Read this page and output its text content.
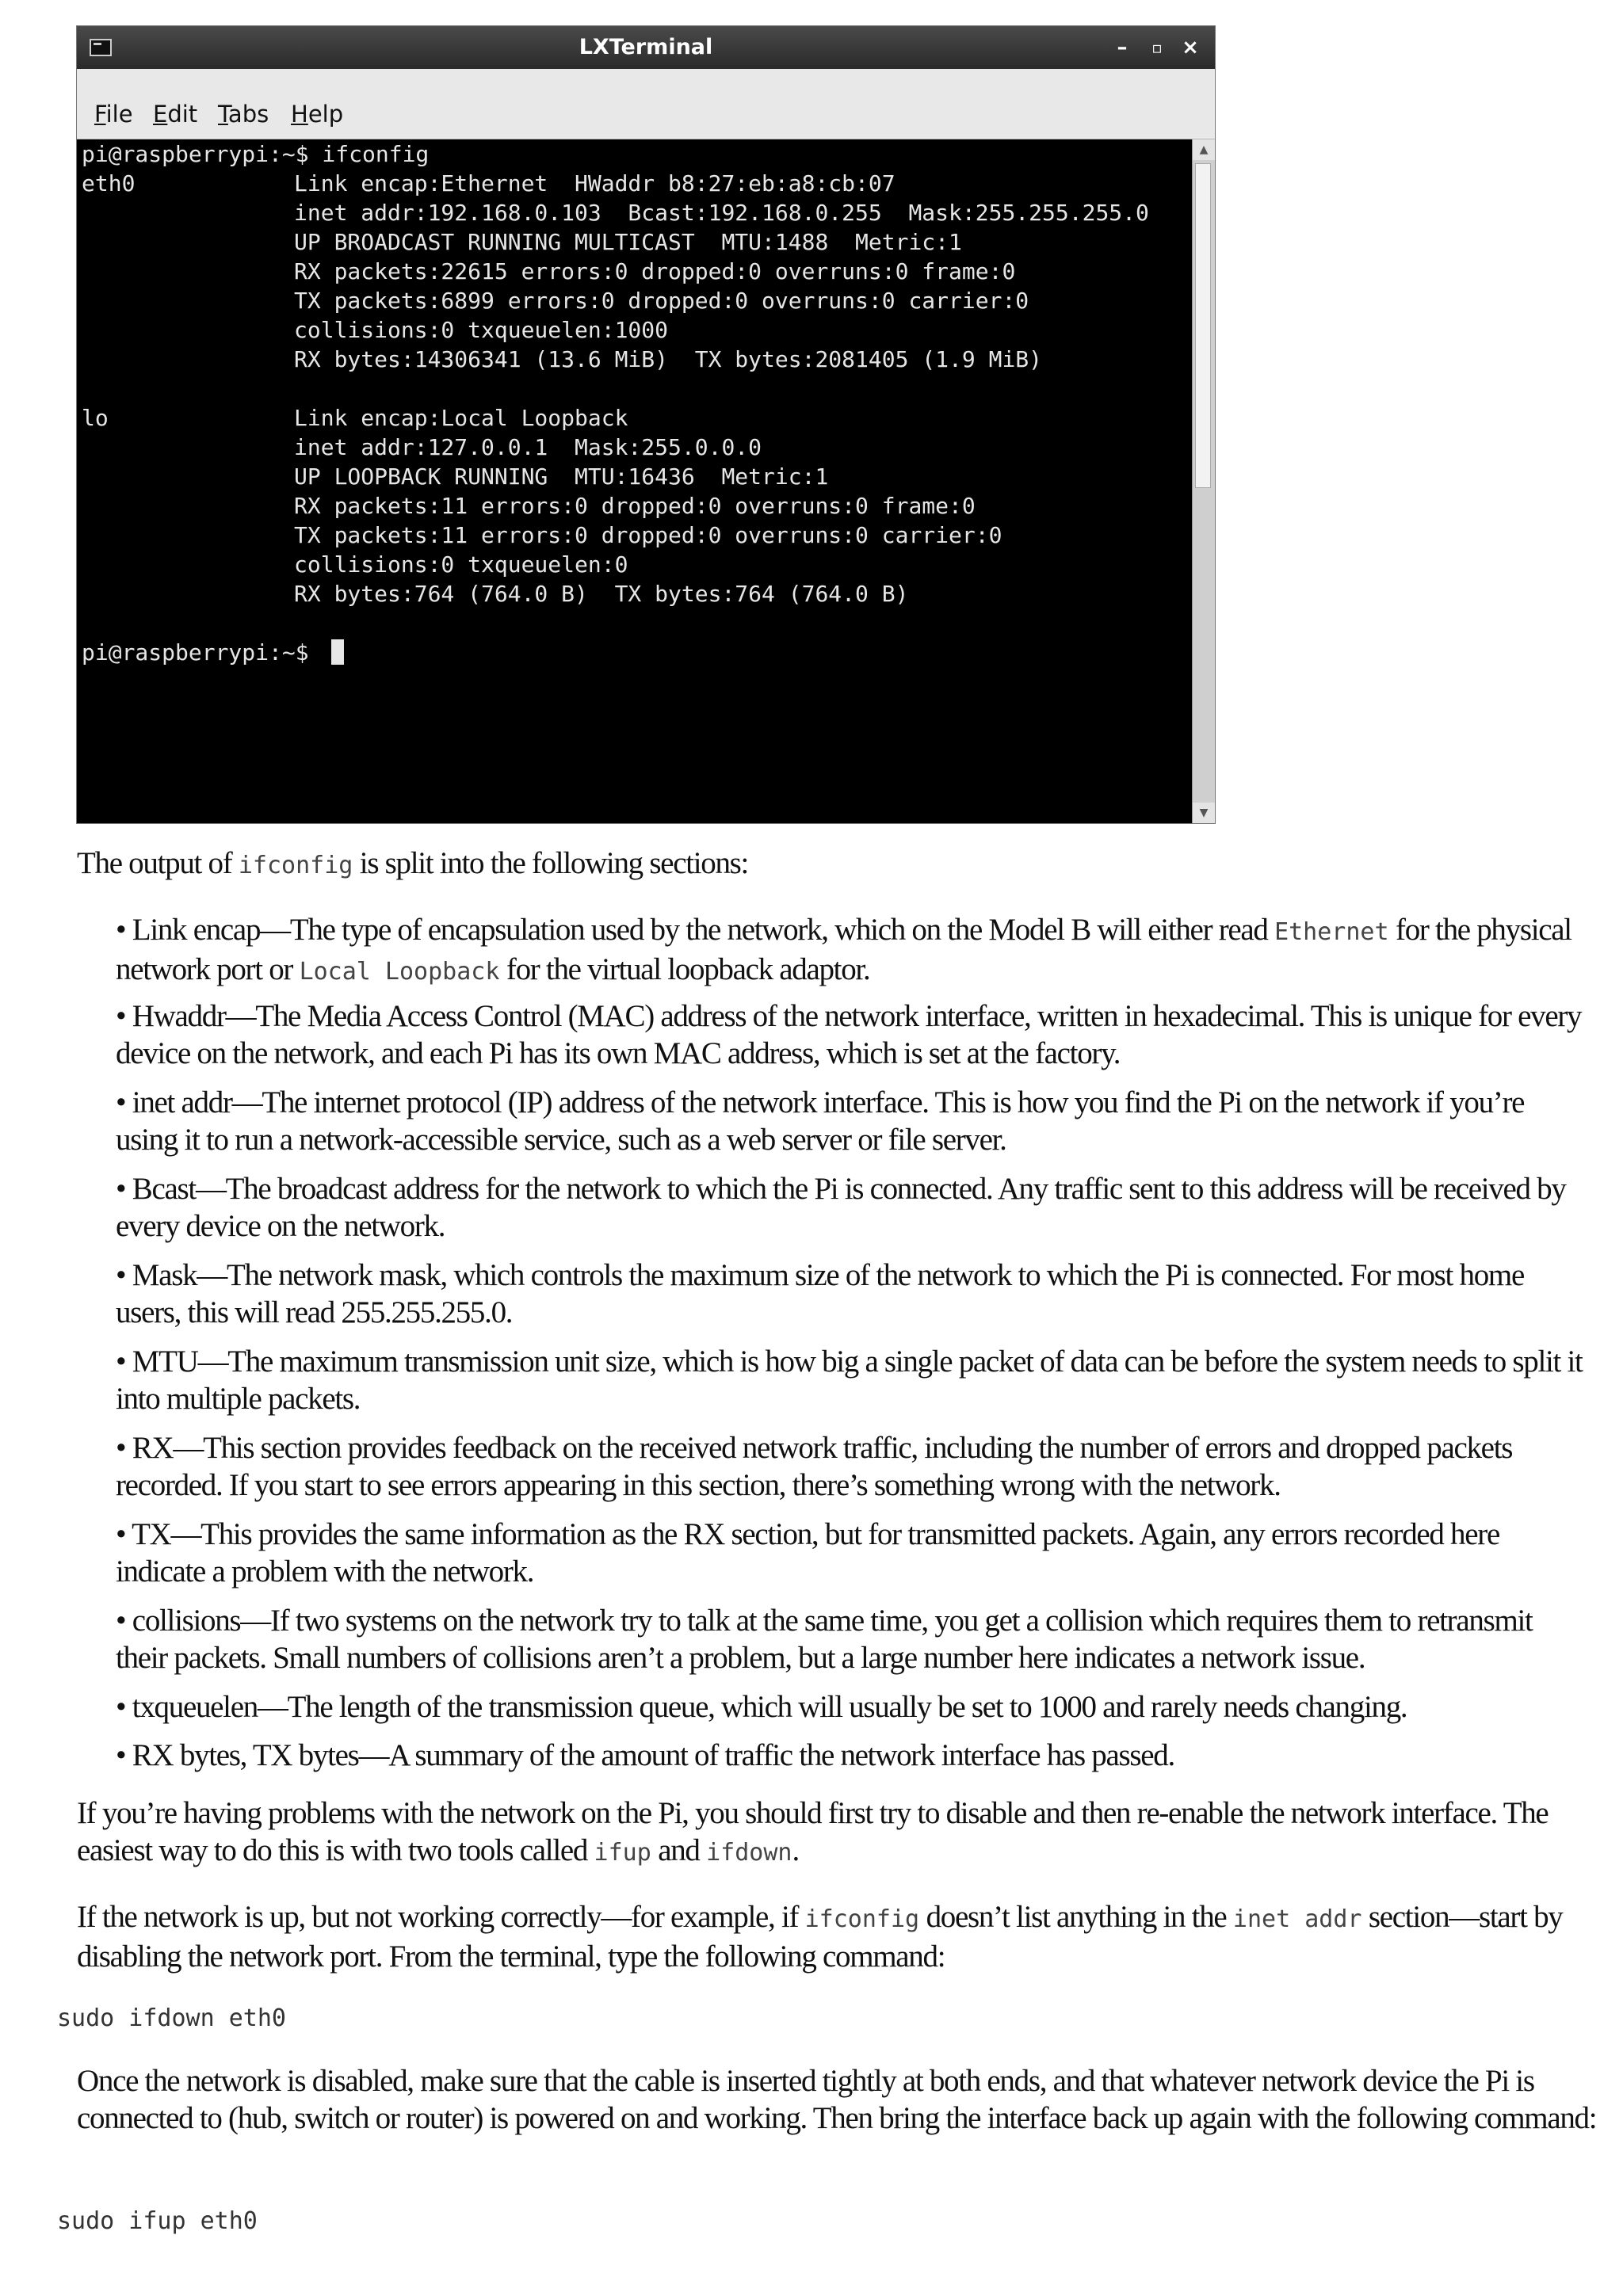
LXTerminal	–	▫ ×
File Edit Tabs Help
pi@raspberrypi:~$ ifconfig
eth0	Link encap:Ethernet  HWaddr b8:27:eb:a8:cb:07
inet addr:192.168.0.103  Bcast:192.168.0.255  Mask:255.255.255.0
UP BROADCAST RUNNING MULTICAST  MTU:1488  Metric:1
RX packets:22615 errors:0 dropped:0 overruns:0 frame:0
TX packets:6899 errors:0 dropped:0 overruns:0 carrier:0
collisions:0 txqueuelen:1000
RX bytes:14306341 (13.6 MiB)  TX bytes:2081405 (1.9 MiB)
lo	Link encap:Local Loopback
inet addr:127.0.0.1  Mask:255.0.0.0
UP LOOPBACK RUNNING  MTU:16436  Metric:1
RX packets:11 errors:0 dropped:0 overruns:0 frame:0
TX packets:11 errors:0 dropped:0 overruns:0 carrier:0
collisions:0 txqueuelen:0
RX bytes:764 (764.0 B)  TX bytes:764 (764.0 B)
pi@raspberrypi:~$
▲
▼
The output of ifconfig is split into the following sections:
• Link encap—The type of encapsulation used by the network, which on the Model B will either read Ethernet for the physical network port or Local Loopback for the virtual loopback adaptor.
• Hwaddr—The Media Access Control (MAC) address of the network interface, written in hexadecimal. This is unique for every device on the network, and each Pi has its own MAC address, which is set at the factory.
• inet addr—The internet protocol (IP) address of the network interface. This is how you find the Pi on the network if you’re using it to run a network-accessible service, such as a web server or file server.
• Bcast—The broadcast address for the network to which the Pi is connected. Any traffic sent to this address will be received by every device on the network.
• Mask—The network mask, which controls the maximum size of the network to which the Pi is connected. For most home users, this will read 255.255.255.0.
• MTU—The maximum transmission unit size, which is how big a single packet of data can be before the system needs to split it into multiple packets.
• RX—This section provides feedback on the received network traffic, including the number of errors and dropped packets recorded. If you start to see errors appearing in this section, there’s something wrong with the network.
• TX—This provides the same information as the RX section, but for transmitted packets. Again, any errors recorded here indicate a problem with the network.
• collisions—If two systems on the network try to talk at the same time, you get a collision which requires them to retransmit their packets. Small numbers of collisions aren’t a problem, but a large number here indicates a network issue.
• txqueuelen—The length of the transmission queue, which will usually be set to 1000 and rarely needs changing.
• RX bytes, TX bytes—A summary of the amount of traffic the network interface has passed.
If you’re having problems with the network on the Pi, you should first try to disable and then re-enable the network interface. The easiest way to do this is with two tools called ifup and ifdown.
If the network is up, but not working correctly—for example, if ifconfig doesn’t list anything in the inet addr section—start by disabling the network port. From the terminal, type the following command:
sudo ifdown eth0
Once the network is disabled, make sure that the cable is inserted tightly at both ends, and that whatever network device the Pi is connected to (hub, switch or router) is powered on and working. Then bring the interface back up again with the following command:
sudo ifup eth0
